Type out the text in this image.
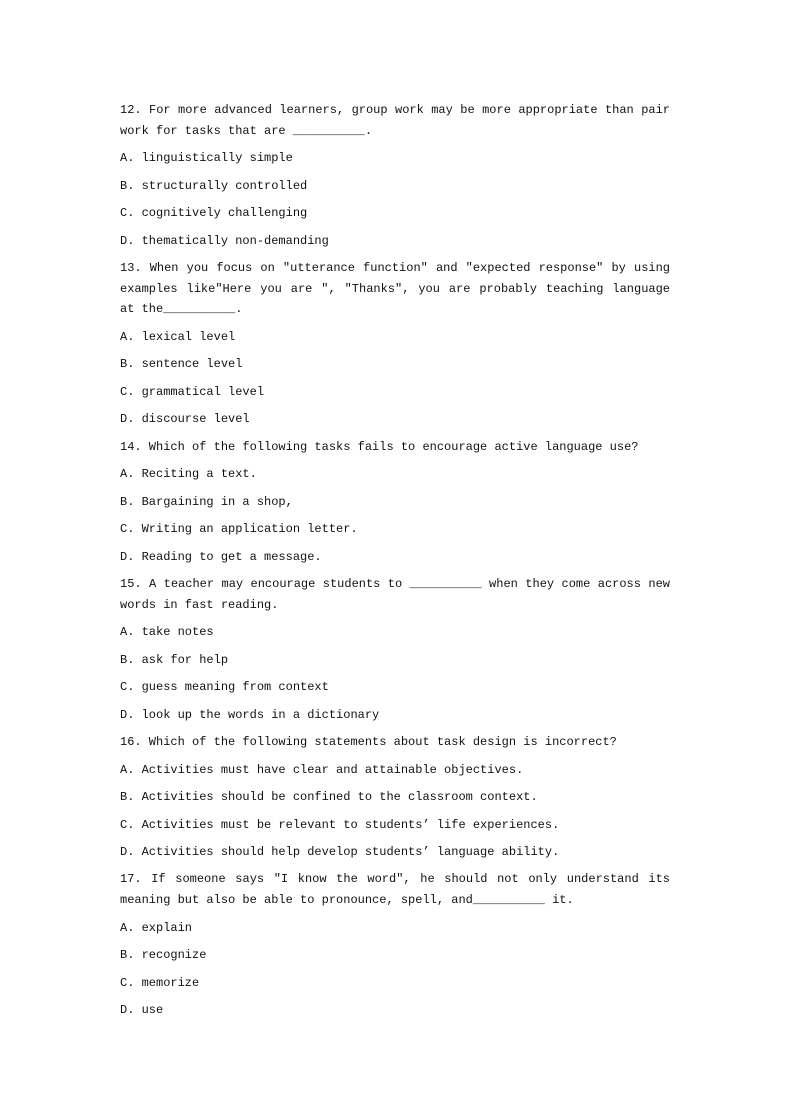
12. For more advanced learners, group work may be more appropriate than pair work for tasks that are __________.
A. linguistically simple
B. structurally controlled
C. cognitively challenging
D. thematically non-demanding
13. When you focus on ″utterance function″ and ″expected response″ by using examples like″Here you are ″, ″Thanks″, you are probably teaching language at the__________.
A. lexical level
B. sentence level
C. grammatical level
D. discourse level
14. Which of the following tasks fails to encourage active language use?
A. Reciting a text.
B. Bargaining in a shop,
C. Writing an application letter.
D. Reading to get a message.
15. A teacher may encourage students to __________ when they come across new words in fast reading.
A. take notes
B. ask for help
C. guess meaning from context
D. look up the words in a dictionary
16. Which of the following statements about task design is incorrect?
A. Activities must have clear and attainable objectives.
B. Activities should be confined to the classroom context.
C. Activities must be relevant to students’ life experiences.
D. Activities should help develop students’ language ability.
17. If someone says ″I know the word″, he should not only understand its meaning but also be able to pronounce, spell, and__________ it.
A. explain
B. recognize
C. memorize
D. use
